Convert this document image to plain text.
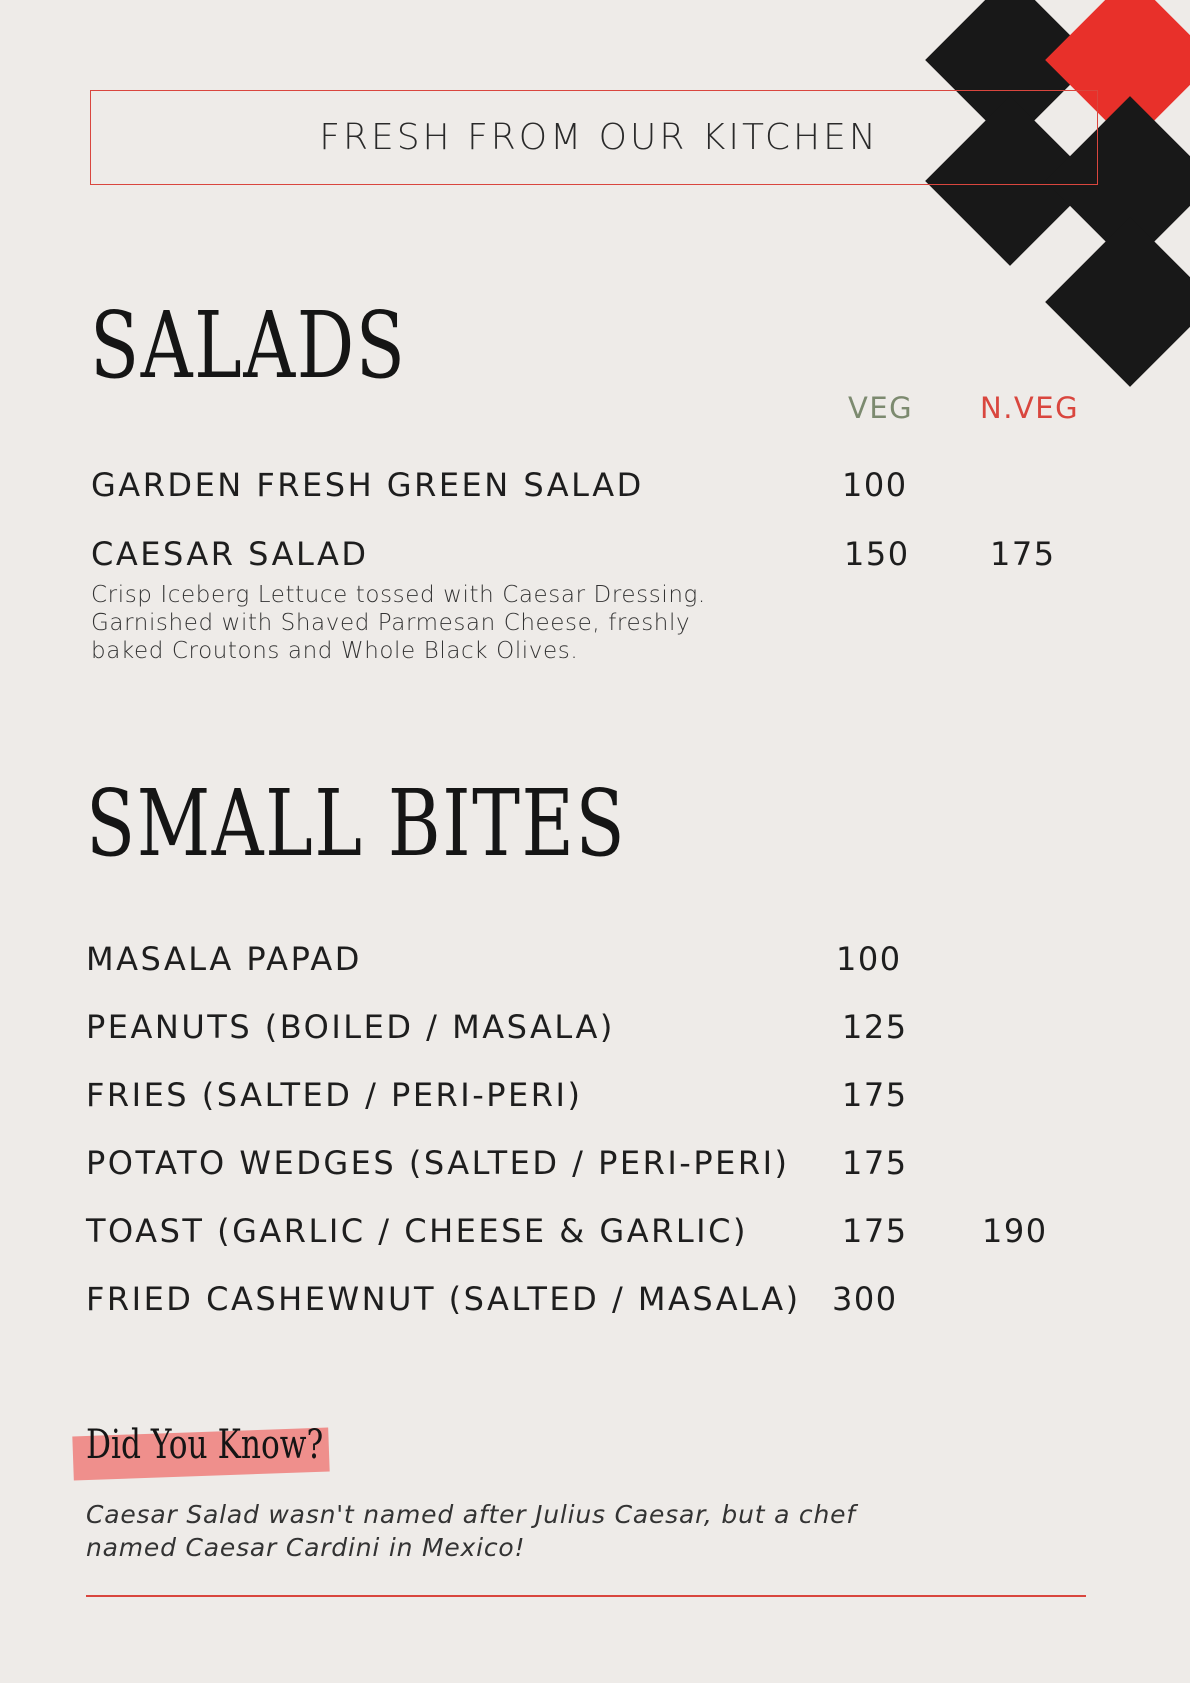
FRESH FROM OUR KITCHEN
SALADS
VEG N.VEG
GARDEN FRESH GREEN SALAD	100
CAESAR SALAD	150	175
Crisp Iceberg Lettuce tossed with Caesar Dressing. Garnished with Shaved Parmesan Cheese, freshly baked Croutons and Whole Black Olives.
SMALL BITES
MASALA PAPAD	100
PEANUTS (BOILED / MASALA)	125
FRIES (SALTED / PERI-PERI)	175
POTATO WEDGES (SALTED / PERI-PERI) 175
TOAST (GARLIC / CHEESE & GARLIC)	175 190
FRIED CASHEWNUT (SALTED / MASALA) 300
Did You Know?
Caesar Salad wasn't named after Julius Caesar, but a chef named Caesar Cardini in Mexico!
